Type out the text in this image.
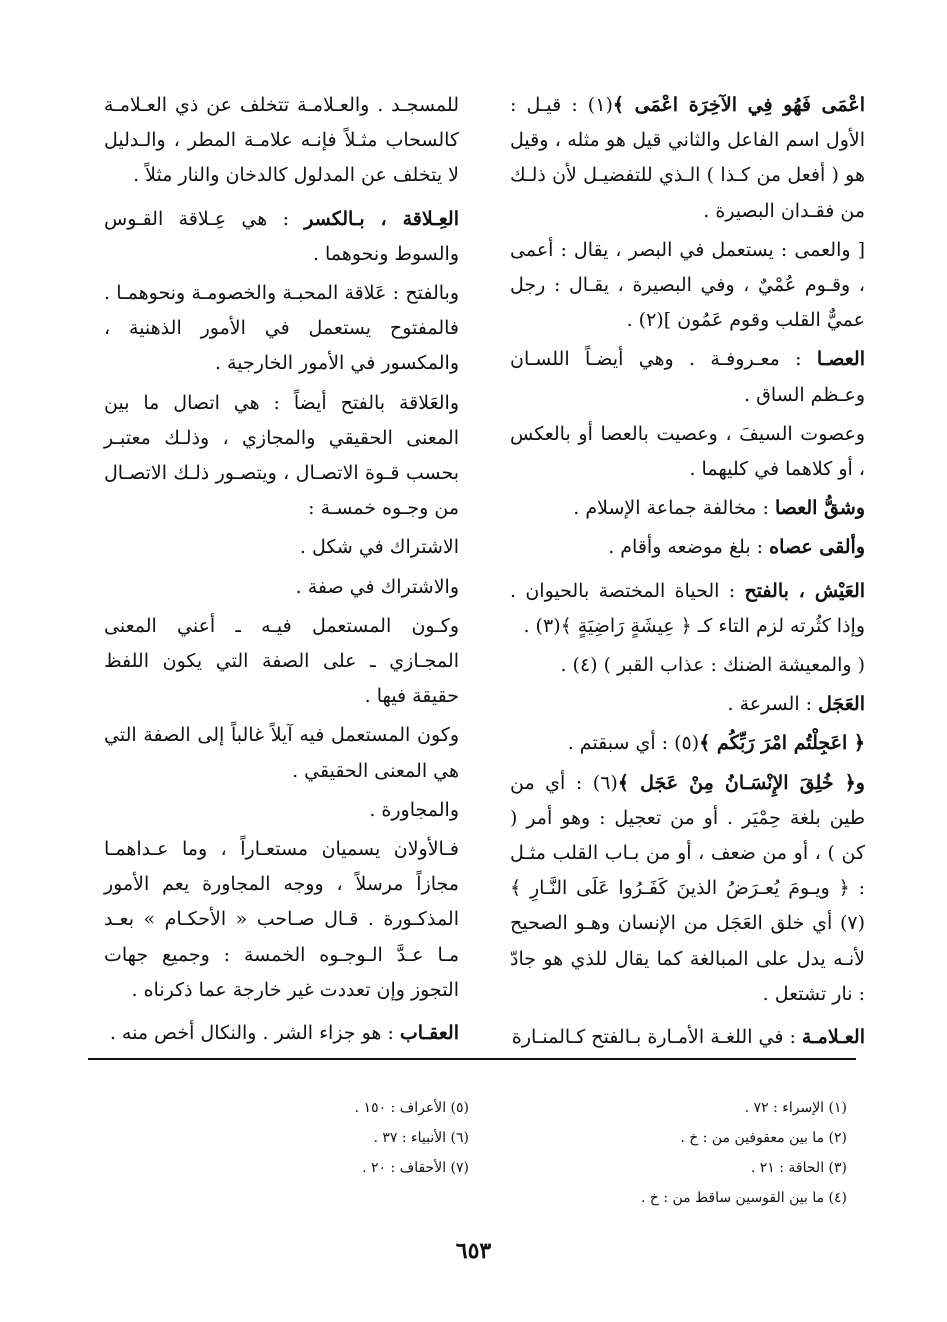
اعْمَى فَهُو فِي الآخِرَة اعْمَى ﴾(١) : قيـل : الأول اسم الفاعل والثاني قيل هو مثله ، وقيل هو ( أفعل من كـذا ) الـذي للتفضيـل لأن ذلـك من فقـدان البصيرة .

[ والعمى : يستعمل في البصر ، يقال : أعمى ، وقـوم عُمْيٌ ، وفي البصيرة ، يقـال : رجل عميٌّ القلب وقوم عَمُون ](٢) .

العصـا : معـروفـة . وهي أيضـاً اللسـان وعـظم الساق .

وعصوت السيفَ ، وعصيت بالعصا أو بالعكس ، أو كلاهما في كليهما .

وشقُّ العصا : مخالفة جماعة الإسلام .

وألقى عصاه : بلغ موضعه وأقام .

العَيْش ، بالفتح : الحياة المختصة بالحيوان . وإذا كثُرته لزم التاء كـ ﴿ عِيشَةٍ رَاضِيَةٍ ﴾(٣) .

( والمعيشة الضنك : عذاب القبر ) (٤) .

العَجَل : السرعة .

﴿ اعَجِلْتُم امْرَ رَبِّكُم ﴾(٥) : أي سبقتم .

و﴿ خُلِقَ الإِنْسَـانُ مِنْ عَجَل ﴾(٦) : أي من طين بلغة حِمْيَر . أو من تعجيل : وهو أمر ( كن ) ، أو من ضعف ، أو من بـاب القلب مثـل : ﴿ ويـومَ يُعـرَضُ الذينَ كَفَـرُوا عَلَى النَّـارِ ﴾(٧) أي خلق العَجَل من الإنسان وهـو الصحيح لأنـه يدل على المبالغة كما يقال للذي هو جادّ : نار تشتعل .

العـلامـة : في اللغـة الأمـارة بـالفتح كـالمنـارة

للمسجـد . والعـلامـة تتخلف عن ذي العـلامـة كالسحاب مثـلاً فإنـه علامـة المطر ، والـدليل لا يتخلف عن المدلول كالدخان والنار مثلاً .

العِـلاقة ، بـالكسر : هي عِـلاقة القـوس والسوط ونحوهما .

وبالفتح : عَلاقة المحبـة والخصومـة ونحوهمـا . فالمفتوح يستعمل في الأمور الذهنية ، والمكسور في الأمور الخارجية .

والعَلاقة بالفتح أيضاً : هي اتصال ما بين المعنى الحقيقي والمجازي ، وذلـك معتبـر بحسب قـوة الاتصـال ، ويتصـور ذلـك الاتصـال من وجـوه خمسـة :

الاشتراك في شكل .

والاشتراك في صفة .

وكـون المستعمل فيـه ـ أعني المعنى المجـازي ـ على الصفة التي يكون اللفظ حقيقة فيها .

وكون المستعمل فيه آيلاً غالباً إلى الصفة التي هي المعنى الحقيقي .

والمجاورة .

فـالأولان يسميان مستعـاراً ، وما عـداهمـا مجازاً مرسلاً ، ووجه المجاورة يعم الأمور المذكـورة . قـال صـاحب « الأحكـام » بعـد مـا عـدَّ الـوجـوه الخمسة : وجميع جهات التجوز وإن تعددت غير خارجة عما ذكرناه .

العقـاب : هو جزاء الشر . والنكال أخص منه .

(١) الإسراء : ٧٢ .
(٢) ما بين معقوفين من : خ .
(٣) الحاقة : ٢١ .
(٤) ما بين القوسين ساقط من : خ .
(٥) الأعراف : ١٥٠ .
(٦) الأنبياء : ٣٧ .
(٧) الأحقاف : ٢٠ .
٦٥٣
